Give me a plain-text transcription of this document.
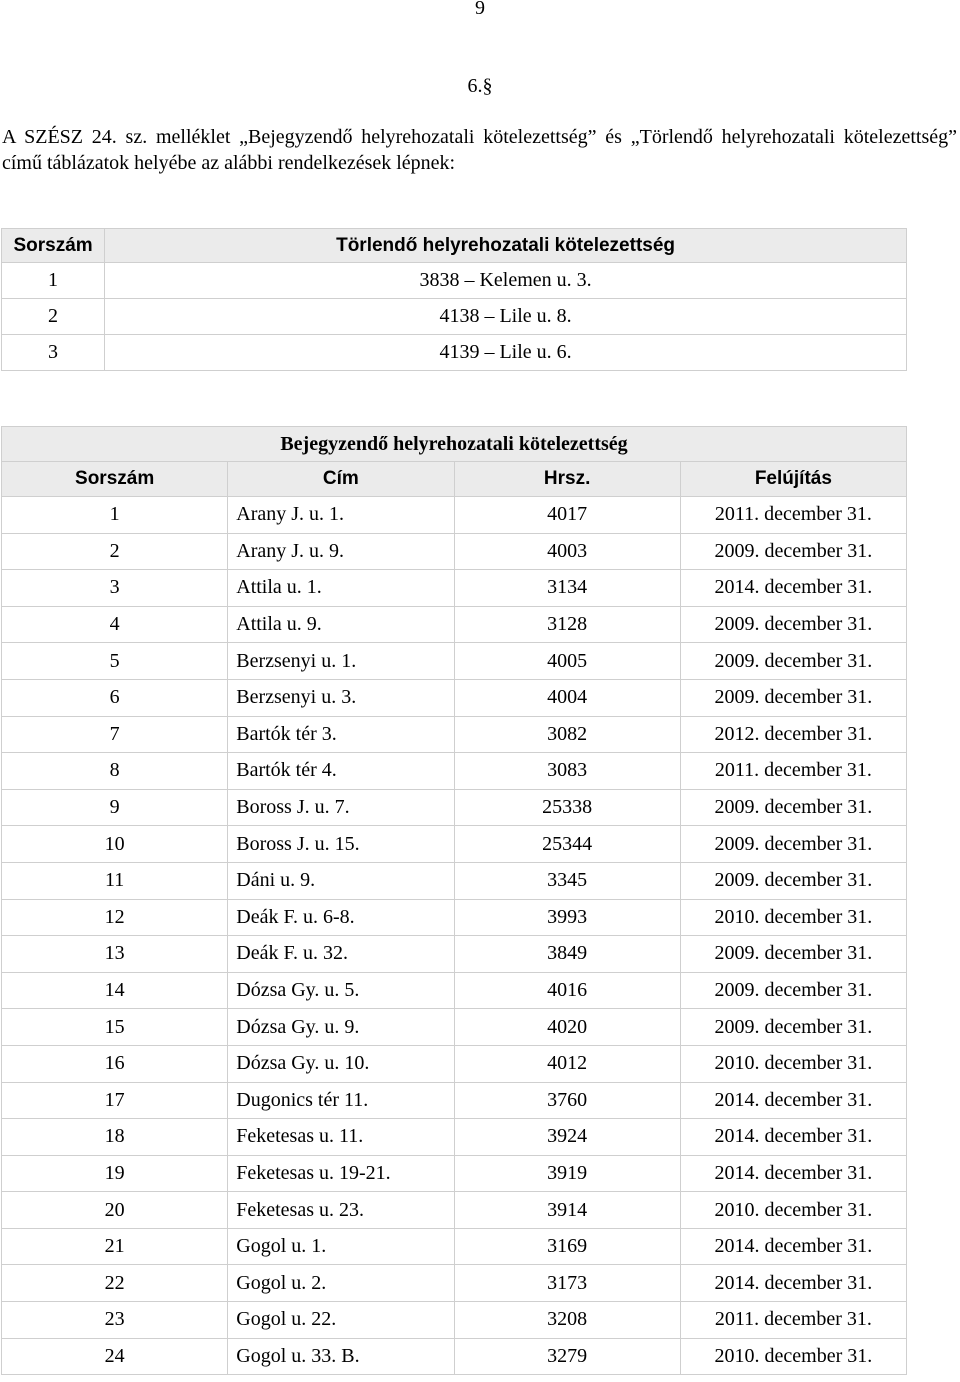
9
6.§
A SZÉSZ 24. sz. melléklet „Bejegyzendő helyrehozatali kötelezettség” és „Törlendő helyrehozatali kötelezettség” című táblázatok helyébe az alábbi rendelkezések lépnek:
Sorszám	Törlendő helyrehozatali kötelezettség
1	3838 – Kelemen u. 3.
2	4138 – Lile u. 8.
3	4139 – Lile u. 6.
Bejegyzendő helyrehozatali kötelezettség			
Sorszám	Cím	Hrsz.	Felújítás
1	Arany J. u. 1.	4017	2011. december 31.
2	Arany J. u. 9.	4003	2009. december 31.
3	Attila u. 1.	3134	2014. december 31.
4	Attila u. 9.	3128	2009. december 31.
5	Berzsenyi u. 1.	4005	2009. december 31.
6	Berzsenyi u. 3.	4004	2009. december 31.
7	Bartók tér 3.	3082	2012. december 31.
8	Bartók tér 4.	3083	2011. december 31.
9	Boross J. u. 7.	25338	2009. december 31.
10	Boross J. u. 15.	25344	2009. december 31.
11	Dáni u. 9.	3345	2009. december 31.
12	Deák F. u. 6-8.	3993	2010. december 31.
13	Deák F. u. 32.	3849	2009. december 31.
14	Dózsa Gy. u. 5.	4016	2009. december 31.
15	Dózsa Gy. u. 9.	4020	2009. december 31.
16	Dózsa Gy. u. 10.	4012	2010. december 31.
17	Dugonics tér 11.	3760	2014. december 31.
18	Feketesas u. 11.	3924	2014. december 31.
19	Feketesas u. 19-21.	3919	2014. december 31.
20	Feketesas u. 23.	3914	2010. december 31.
21	Gogol u. 1.	3169	2014. december 31.
22	Gogol u. 2.	3173	2014. december 31.
23	Gogol u. 22.	3208	2011. december 31.
24	Gogol u. 33. B.	3279	2010. december 31.
